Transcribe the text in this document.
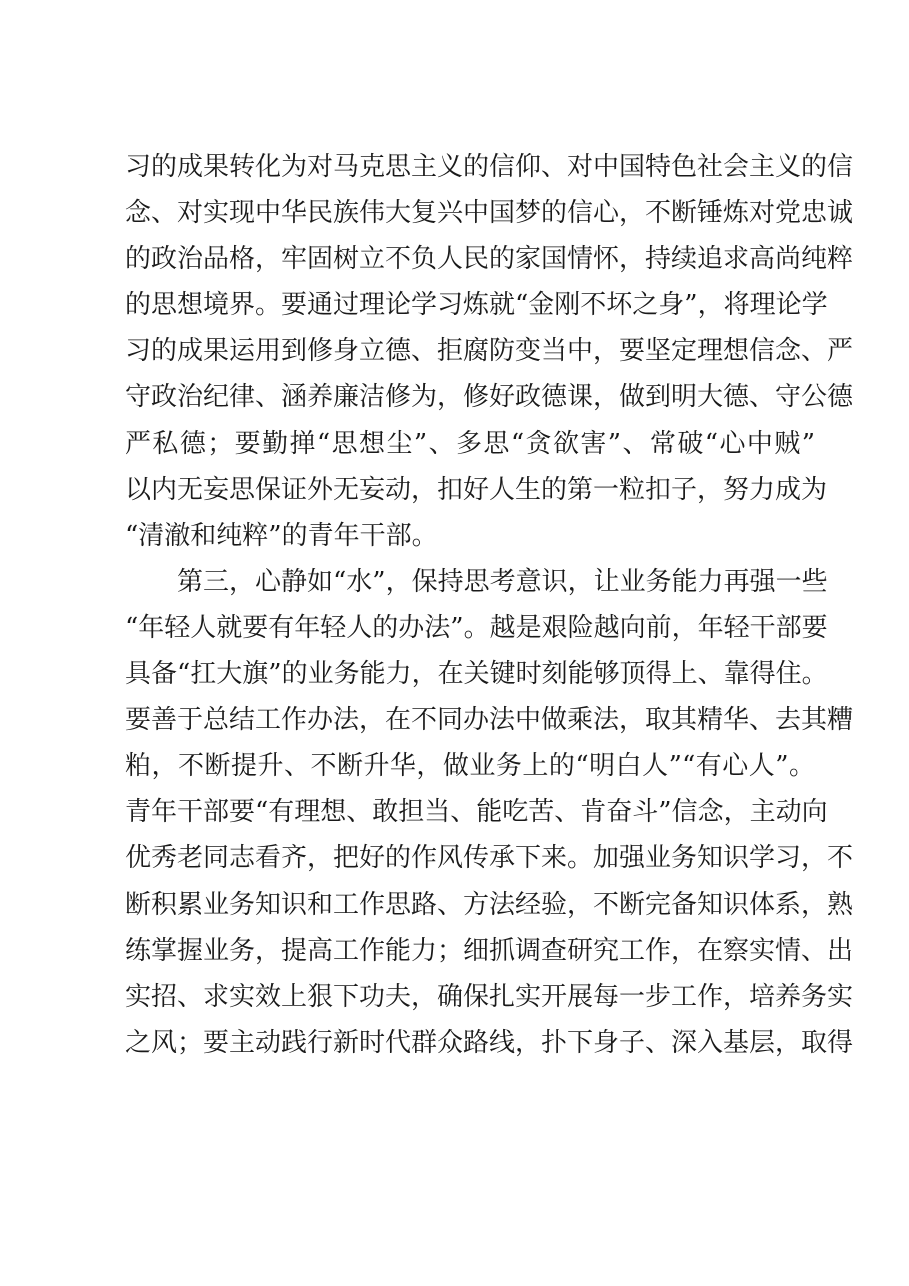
习的成果转化为对马克思主义的信仰、对中国特色社会主义的信
念、对实现中华民族伟大复兴中国梦的信心，不断锤炼对党忠诚
的政治品格，牢固树立不负人民的家国情怀，持续追求高尚纯粹
的思想境界。要通过理论学习炼就“金刚不坏之身”，将理论学
习的成果运用到修身立德、拒腐防变当中，要坚定理想信念、严
守政治纪律、涵养廉洁修为，修好政德课，做到明大德、守公德
严私德；要勤掸“思想尘”、多思“贪欲害”、常破“心中贼”
以内无妄思保证外无妄动，扣好人生的第一粒扣子，努力成为
“清澈和纯粹”的青年干部。
第三，心静如“水”，保持思考意识，让业务能力再强一些
“年轻人就要有年轻人的办法”。越是艰险越向前，年轻干部要
具备“扛大旗”的业务能力，在关键时刻能够顶得上、靠得住。
要善于总结工作办法，在不同办法中做乘法，取其精华、去其糟
粕，不断提升、不断升华，做业务上的“明白人”“有心人”。
青年干部要“有理想、敢担当、能吃苦、肯奋斗”信念，主动向
优秀老同志看齐，把好的作风传承下来。加强业务知识学习，不
断积累业务知识和工作思路、方法经验，不断完备知识体系，熟
练掌握业务，提高工作能力；细抓调查研究工作，在察实情、出
实招、求实效上狠下功夫，确保扎实开展每一步工作，培养务实
之风；要主动践行新时代群众路线，扑下身子、深入基层，取得
